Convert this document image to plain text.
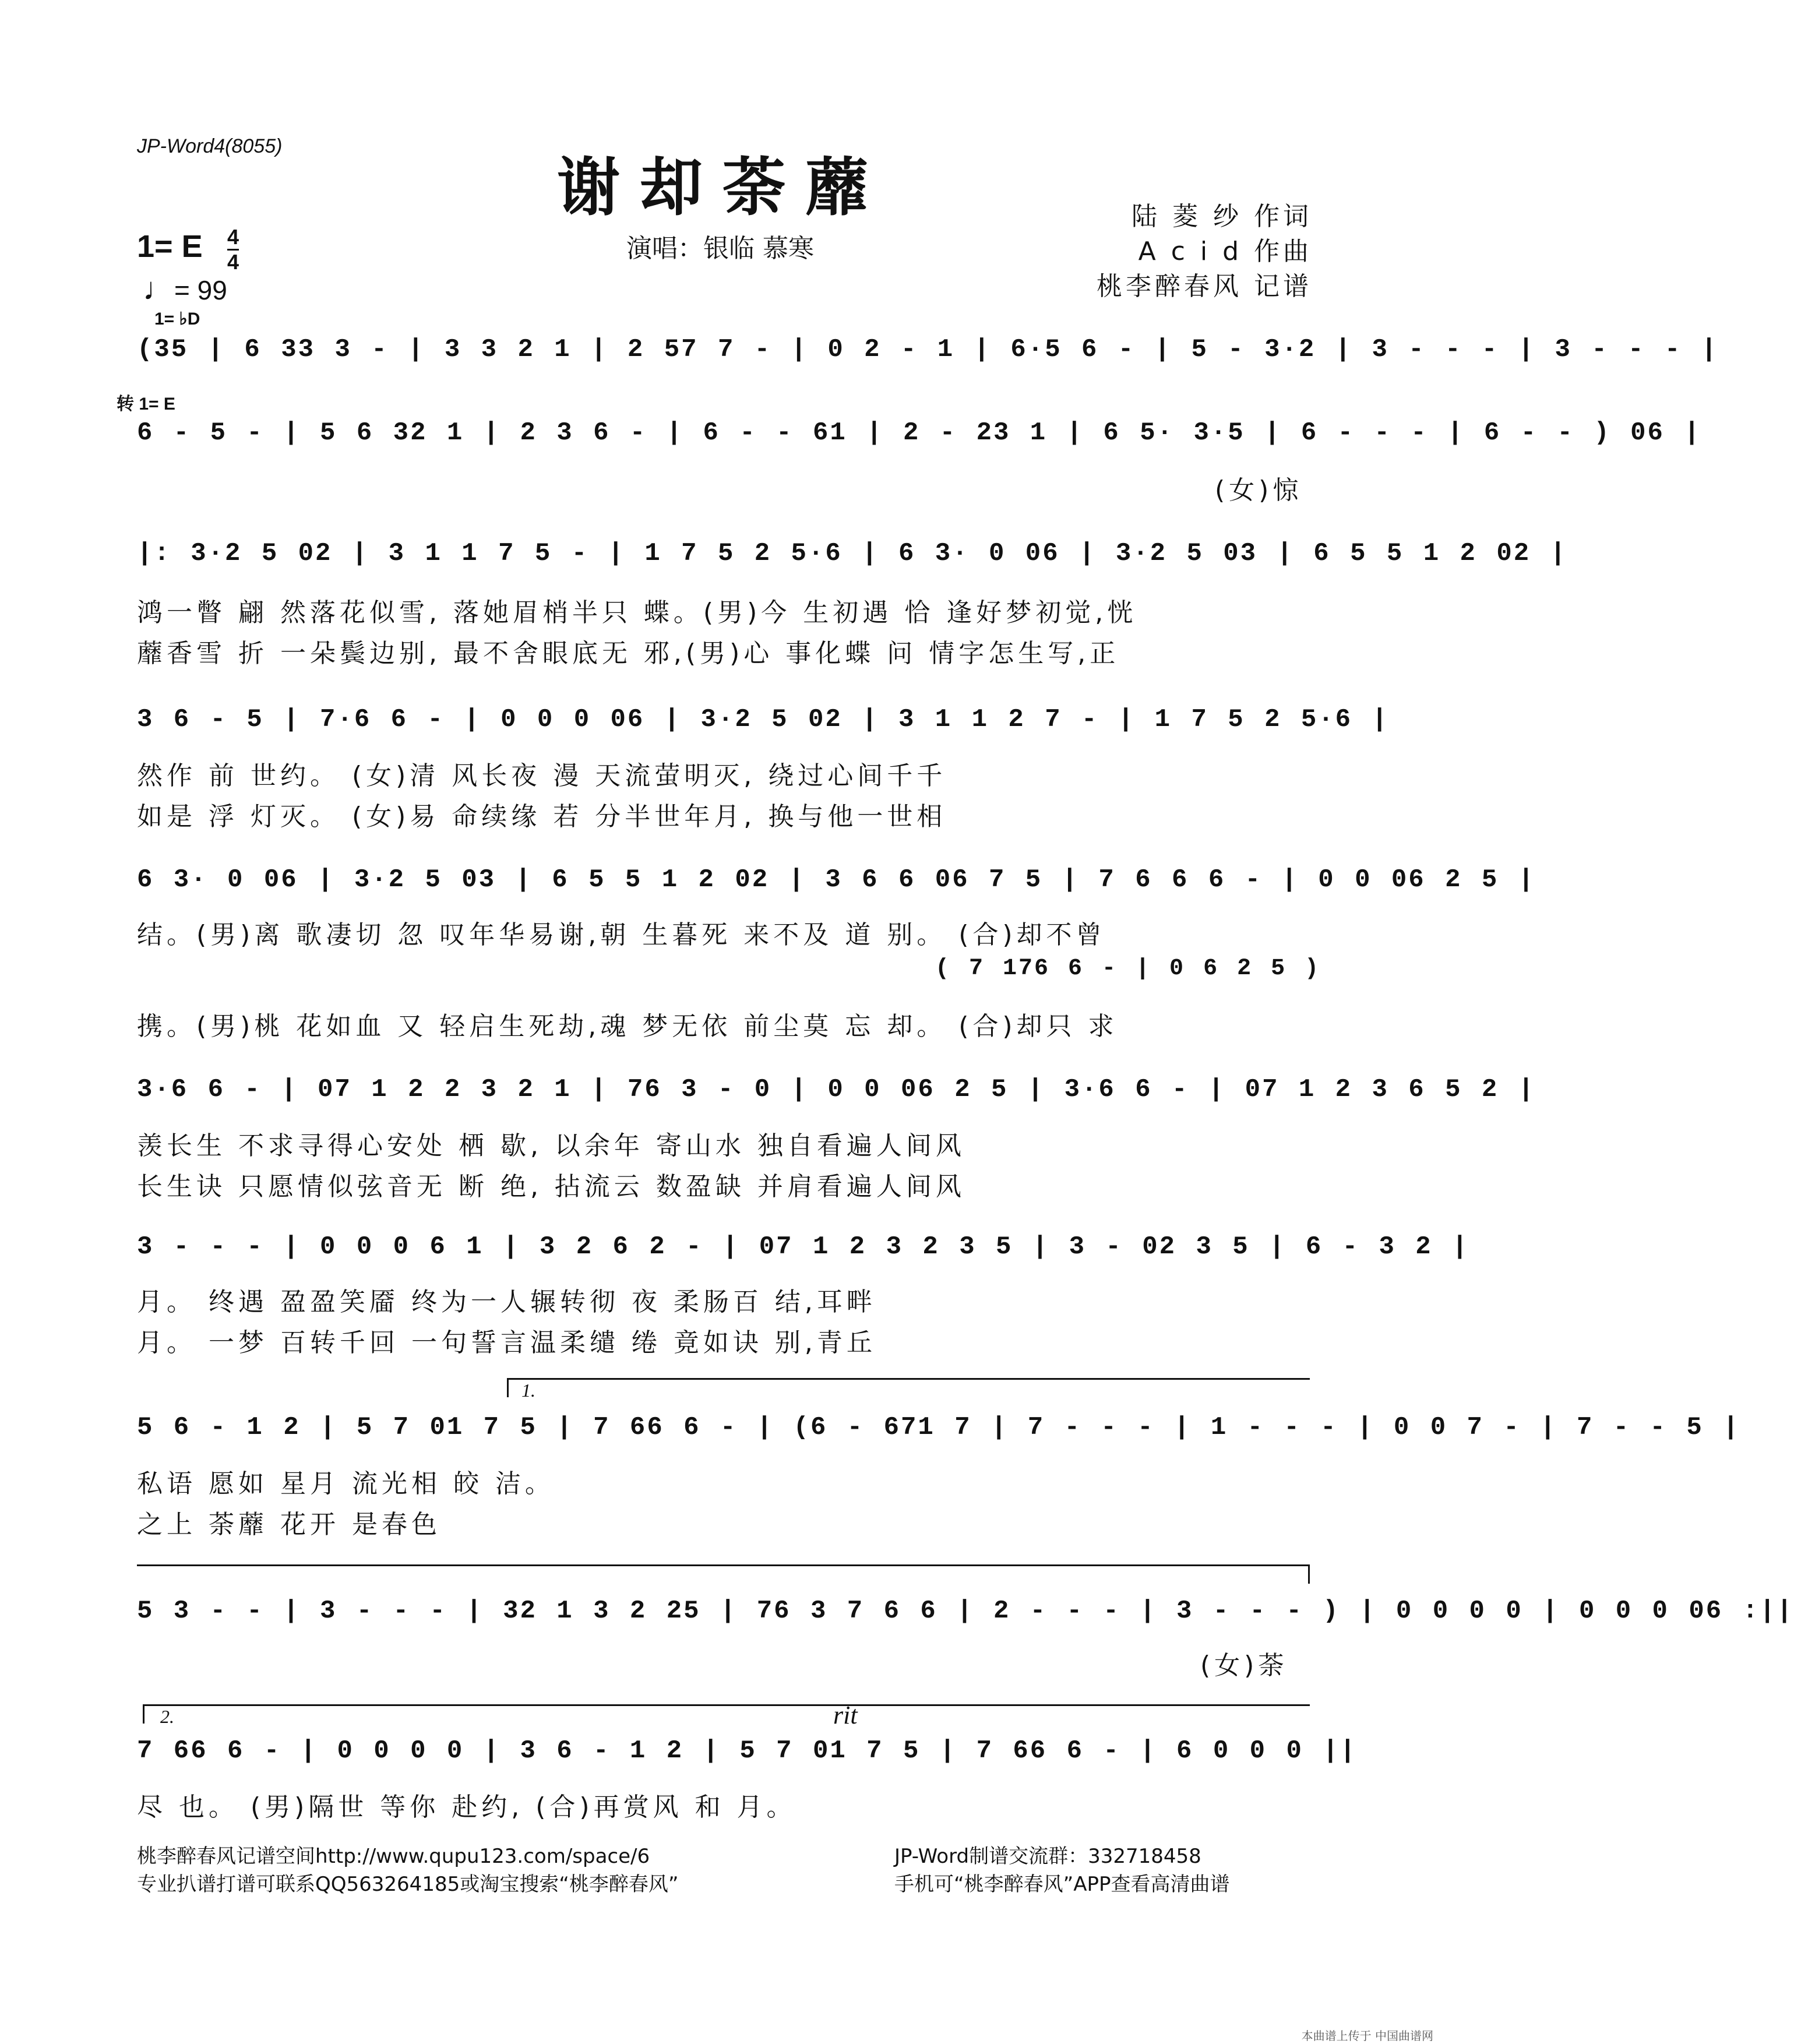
JP-Word4(8055)
谢却荼蘼	陆 菱 纱 作词
A c i d 作曲
桃李醉春风 记谱
演唱：银临 慕寒
1= E 4
4
♩= 99
1= ♭D
转 1= E
(35 | 6 33 3 - | 3 3 2 1 | 2 57 7 - | 0 2 - 1 | 6·5 6 - | 5 - 3·2 | 3 - - - | 3 - - - |
6 - 5 - | 5 6 32 1 | 2 3 6 - | 6 - - 61 | 2 - 23 1 | 6 5· 3·5 | 6 - - - | 6 - - ) 06 |
(女)惊
|: 3·2 5 02 | 3 1 1 7 5 - | 1 7 5 2 5·6 | 6 3· 0 06 | 3·2 5 03 | 6 5 5 1 2 02 |
鸿一瞥 翩 然落花似雪, 落她眉梢半只 蝶。(男)今 生初遇 恰 逢好梦初觉,恍
蘼香雪 折 一朵鬓边别, 最不舍眼底无 邪,(男)心 事化蝶 问 情字怎生写,正
3 6 - 5 | 7·6 6 - | 0 0 0 06 | 3·2 5 02 | 3 1 1 2 7 - | 1 7 5 2 5·6 |
然作 前 世约。 (女)清 风长夜 漫 天流萤明灭, 绕过心间千千
如是 浮 灯灭。 (女)易 命续缘 若 分半世年月, 换与他一世相
6 3· 0 06 | 3·2 5 03 | 6 5 5 1 2 02 | 3 6 6 06 7 5 | 7 6 6 6 - | 0 0 06 2 5 |
结。(男)离 歌凄切 忽 叹年华易谢,朝 生暮死 来不及 道 别。 (合)却不曾
( 7 176 6 - | 0 6 2 5 )
携。(男)桃 花如血 又 轻启生死劫,魂 梦无依 前尘莫 忘 却。 (合)却只 求
3·6 6 - | 07 1 2 2 3 2 1 | 76 3 - 0 | 0 0 06 2 5 | 3·6 6 - | 07 1 2 3 6 5 2 |
羡长生 不求寻得心安处 栖 歇, 以余年 寄山水 独自看遍人间风
长生诀 只愿情似弦音无 断 绝, 拈流云 数盈缺 并肩看遍人间风
3 - - - | 0 0 0 6 1 | 3 2 6 2 - | 07 1 2 3 2 3 5 | 3 - 02 3 5 | 6 - 3 2 |
月。 终遇 盈盈笑靥 终为一人辗转彻 夜 柔肠百 结,耳畔
月。 一梦 百转千回 一句誓言温柔缱 绻 竟如诀 别,青丘
1.
5 6 - 1 2 | 5 7 01 7 5 | 7 66 6 - | (6 - 671 7 | 7 - - - | 1 - - - | 0 0 7 - | 7 - - 5 |
私语 愿如 星月 流光相 皎 洁。
之上 荼蘼 花开 是春色
5 3 - - | 3 - - - | 32 1 3 2 25 | 76 3 7 6 6 | 2 - - - | 3 - - - ) | 0 0 0 0 | 0 0 0 06 :||
(女)荼
2.	rit
7 66 6 - | 0 0 0 0 | 3 6 - 1 2 | 5 7 01 7 5 | 7 66 6 - | 6 0 0 0 ||
尽 也。 (男)隔世 等你 赴约, (合)再赏风 和 月。
桃李醉春风记谱空间http://www.qupu123.com/space/6
专业扒谱打谱可联系QQ563264185或淘宝搜索“桃李醉春风”
JP-Word制谱交流群：332718458
手机可“桃李醉春风”APP查看高清曲谱
本曲谱上传于 中国曲谱网
